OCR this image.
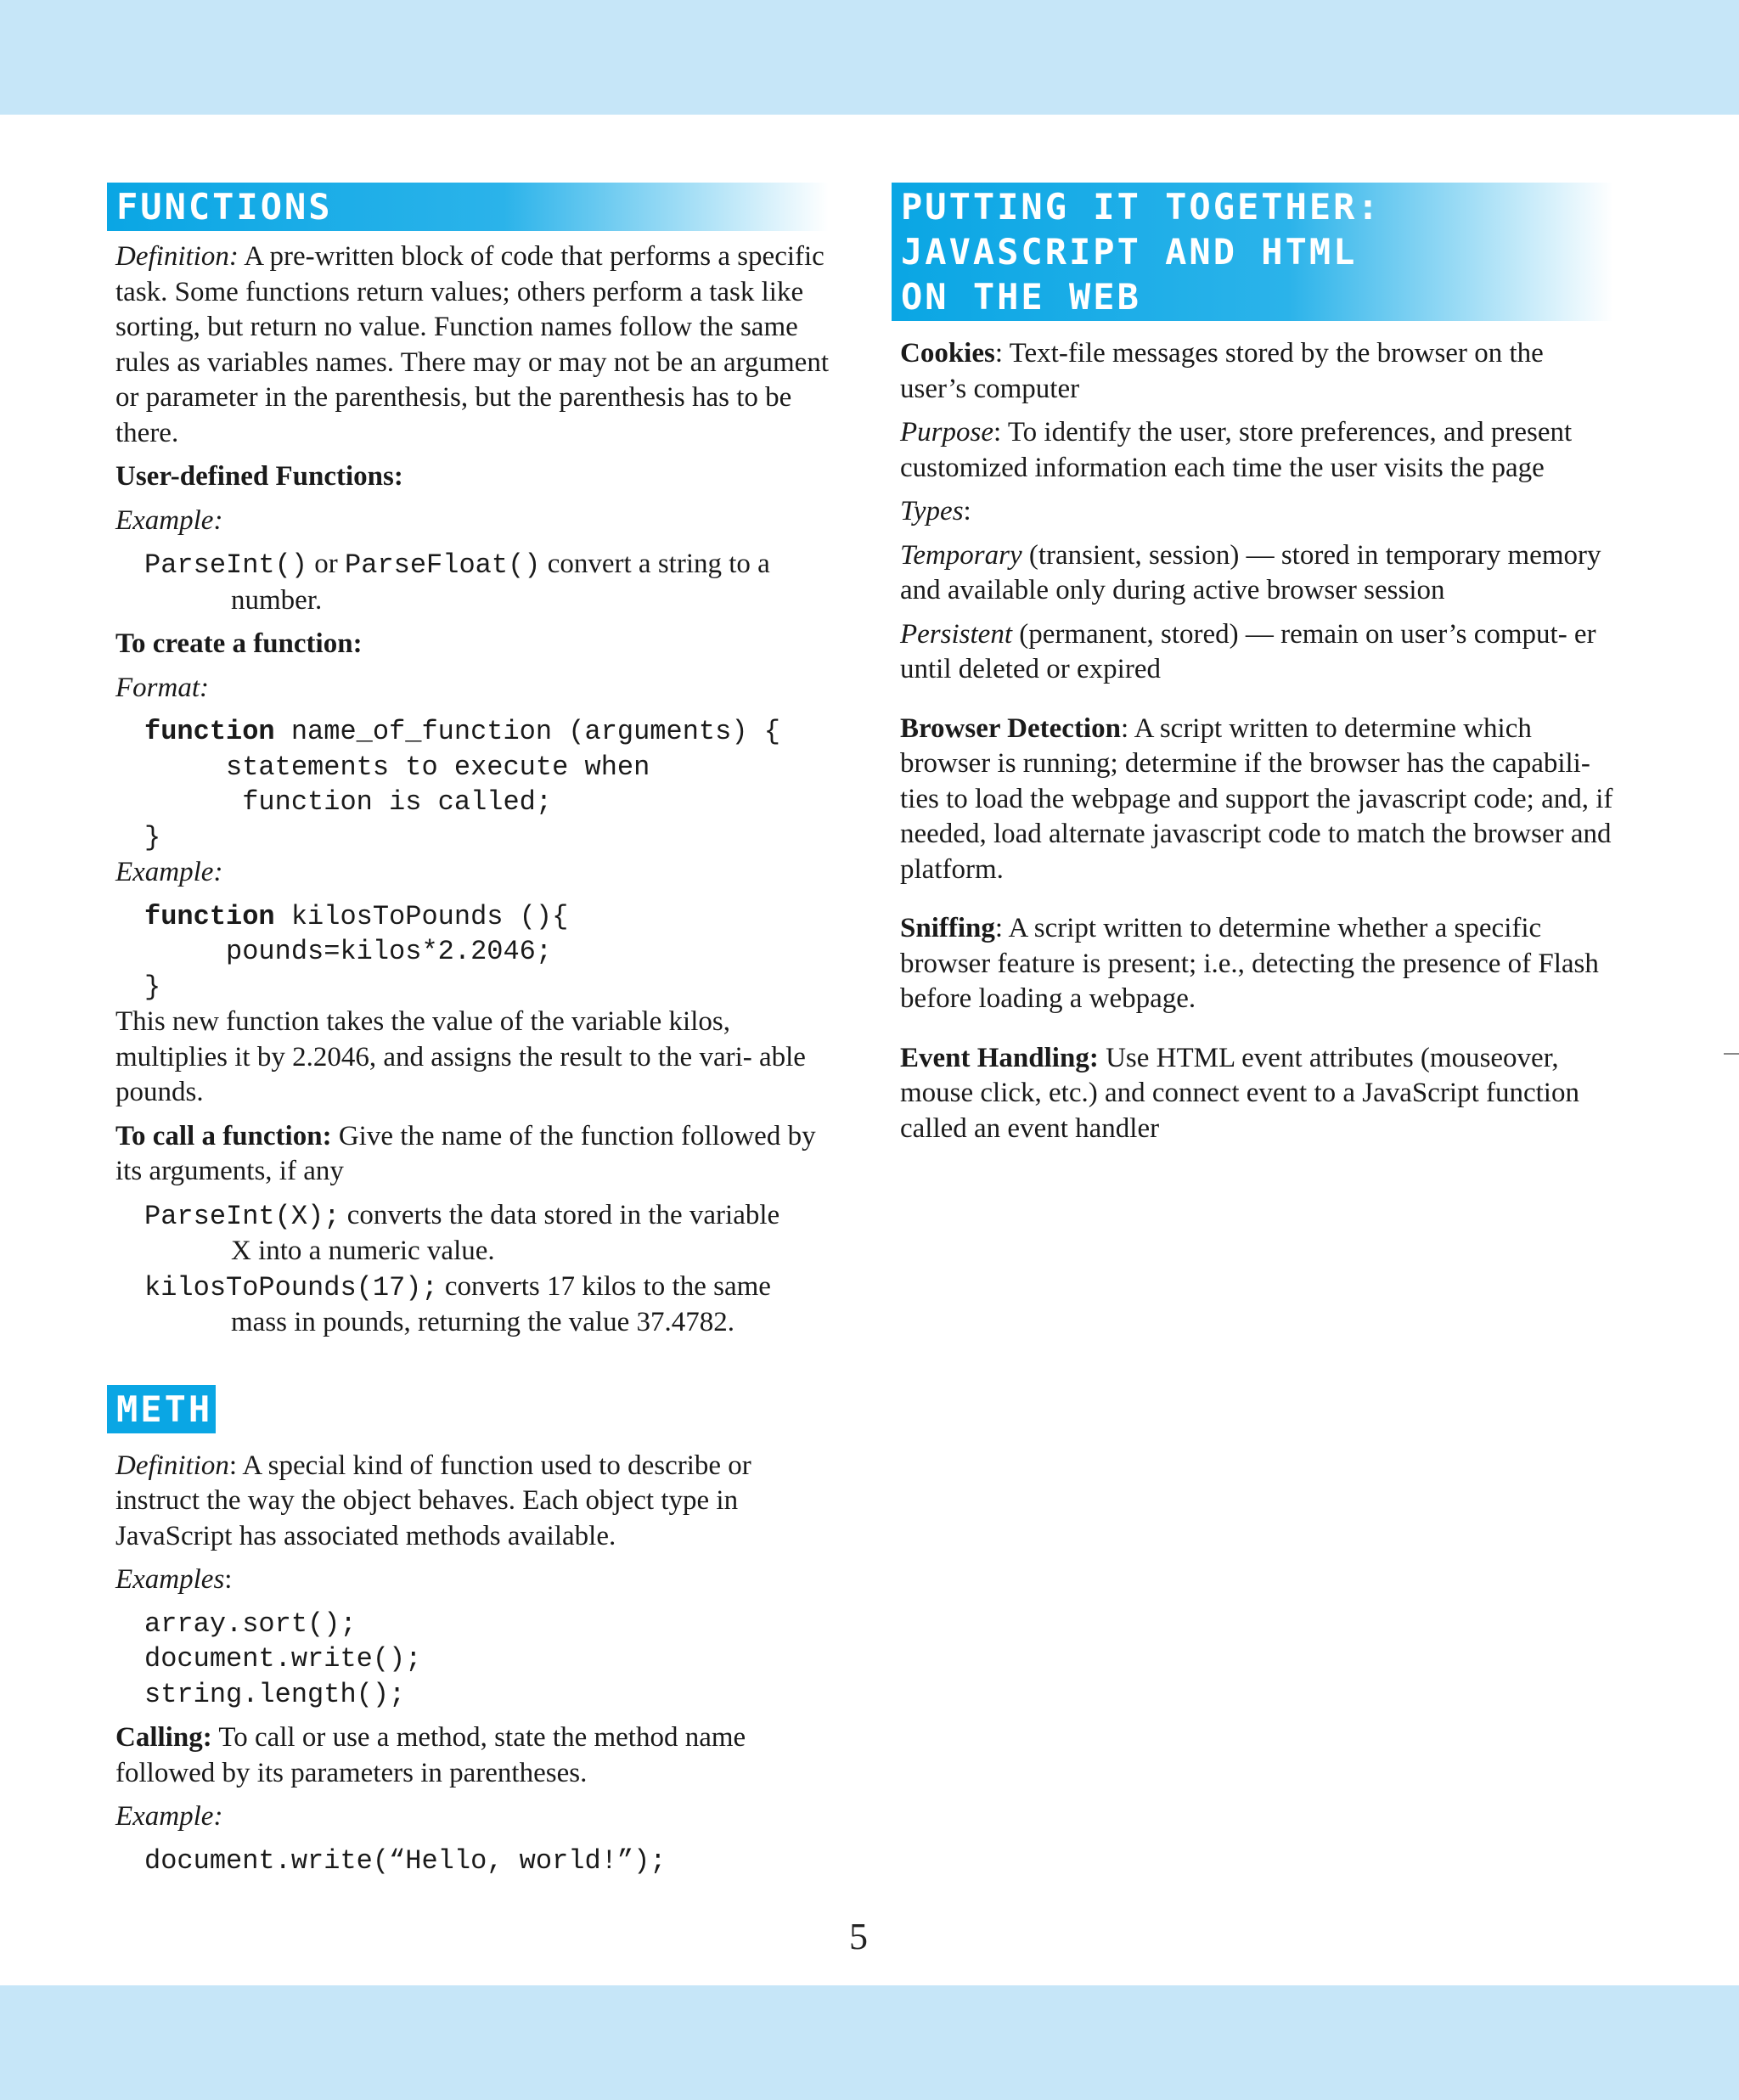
FUNCTIONS

Definition: A pre-written block of code that performs a specific task. Some functions return values; others perform a task like sorting, but return no value. Function names follow the same rules as variables names. There may or may not be an argument or parameter in the parenthesis, but the parenthesis has to be there.

User-defined Functions:

Example:

ParseInt() or ParseFloat() convert a string to a
number.

To create a function:

Format:

function name_of_function (arguments) {
statements to execute when
function is called;
}

Example:

function kilosToPounds (){
pounds=kilos*2.2046;
}

This new function takes the value of the variable kilos, multiplies it by 2.2046, and assigns the result to the vari- able pounds.

To call a function: Give the name of the function followed by its arguments, if any

ParseInt(X); converts the data stored in the variable
X into a numeric value.

kilosToPounds(17); converts 17 kilos to the same
mass in pounds, returning the value 37.4782.

METH

Definition: A special kind of function used to describe or instruct the way the object behaves. Each object type in JavaScript has associated methods available.

Examples:

array.sort();
document.write();
string.length();

Calling: To call or use a method, state the method name followed by its parameters in parentheses.

Example:

document.write(“Hello, world!”);
PUTTING IT TOGETHER:
JAVASCRIPT AND HTML
ON THE WEB

Cookies: Text-file messages stored by the browser on the user’s computer

Purpose: To identify the user, store preferences, and present customized information each time the user visits the page

Types:

Temporary (transient, session) — stored in temporary memory and available only during active browser session

Persistent (permanent, stored) — remain on user’s comput- er until deleted or expired

Browser Detection: A script written to determine which browser is running; determine if the browser has the capabili- ties to load the webpage and support the javascript code; and, if needed, load alternate javascript code to match the browser and platform.

Sniffing: A script written to determine whether a specific browser feature is present; i.e., detecting the presence of Flash before loading a webpage.

Event Handling: Use HTML event attributes (mouseover, mouse click, etc.) and connect event to a JavaScript function called an event handler

5
